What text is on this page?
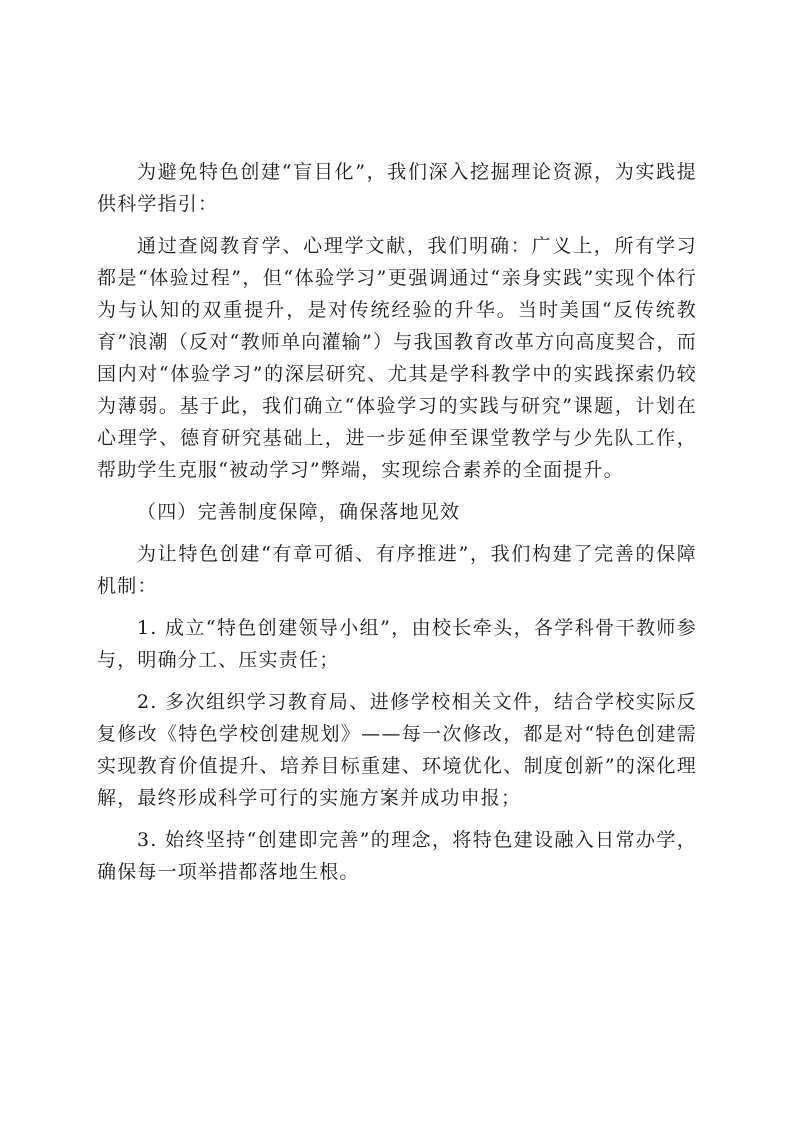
为避免特色创建“盲目化”，我们深入挖掘理论资源，为实践提供科学指引：

通过查阅教育学、心理学文献，我们明确：广义上，所有学习都是“体验过程”，但“体验学习”更强调通过“亲身实践”实现个体行为与认知的双重提升，是对传统经验的升华。当时美国“反传统教育”浪潮（反对“教师单向灌输”）与我国教育改革方向高度契合，而国内对“体验学习”的深层研究、尤其是学科教学中的实践探索仍较为薄弱。基于此，我们确立“体验学习的实践与研究”课题，计划在心理学、德育研究基础上，进一步延伸至课堂教学与少先队工作，帮助学生克服“被动学习”弊端，实现综合素养的全面提升。

（四）完善制度保障，确保落地见效

为让特色创建“有章可循、有序推进”，我们构建了完善的保障机制：

1. 成立“特色创建领导小组”，由校长牵头，各学科骨干教师参与，明确分工、压实责任；

2. 多次组织学习教育局、进修学校相关文件，结合学校实际反复修改《特色学校创建规划》——每一次修改，都是对“特色创建需实现教育价值提升、培养目标重建、环境优化、制度创新”的深化理解，最终形成科学可行的实施方案并成功申报；

3. 始终坚持“创建即完善”的理念，将特色建设融入日常办学，确保每一项举措都落地生根。
